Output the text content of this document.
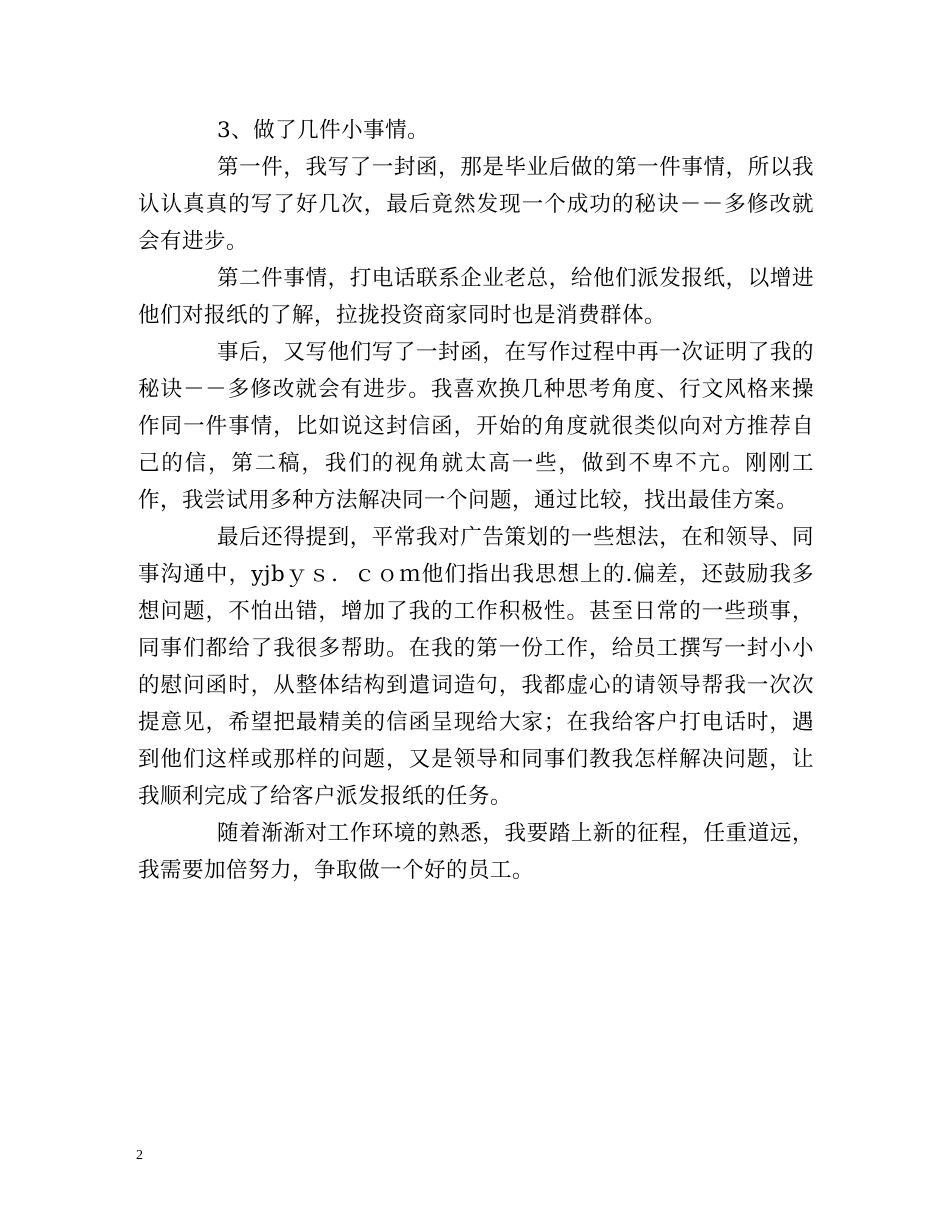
3、做了几件小事情。

第一件，我写了一封函，那是毕业后做的第一件事情，所以我认认真真的写了好几次，最后竟然发现一个成功的秘诀－－多修改就会有进步。

第二件事情，打电话联系企业老总，给他们派发报纸，以增进他们对报纸的了解，拉拢投资商家同时也是消费群体。

事后，又写他们写了一封函，在写作过程中再一次证明了我的秘诀－－多修改就会有进步。我喜欢换几种思考角度、行文风格来操作同一件事情，比如说这封信函，开始的角度就很类似向对方推荐自己的信，第二稿，我们的视角就太高一些，做到不卑不亢。刚刚工作，我尝试用多种方法解决同一个问题，通过比较，找出最佳方案。

最后还得提到，平常我对广告策划的一些想法，在和领导、同事沟通中，yjbｙｓ．ｃｏｍ他们指出我思想上的.偏差，还鼓励我多想问题，不怕出错，增加了我的工作积极性。甚至日常的一些琐事，同事们都给了我很多帮助。在我的第一份工作，给员工撰写一封小小的慰问函时，从整体结构到遣词造句，我都虚心的请领导帮我一次次提意见，希望把最精美的信函呈现给大家；在我给客户打电话时，遇到他们这样或那样的问题，又是领导和同事们教我怎样解决问题，让我顺利完成了给客户派发报纸的任务。

随着渐渐对工作环境的熟悉，我要踏上新的征程，任重道远，我需要加倍努力，争取做一个好的员工。

2
